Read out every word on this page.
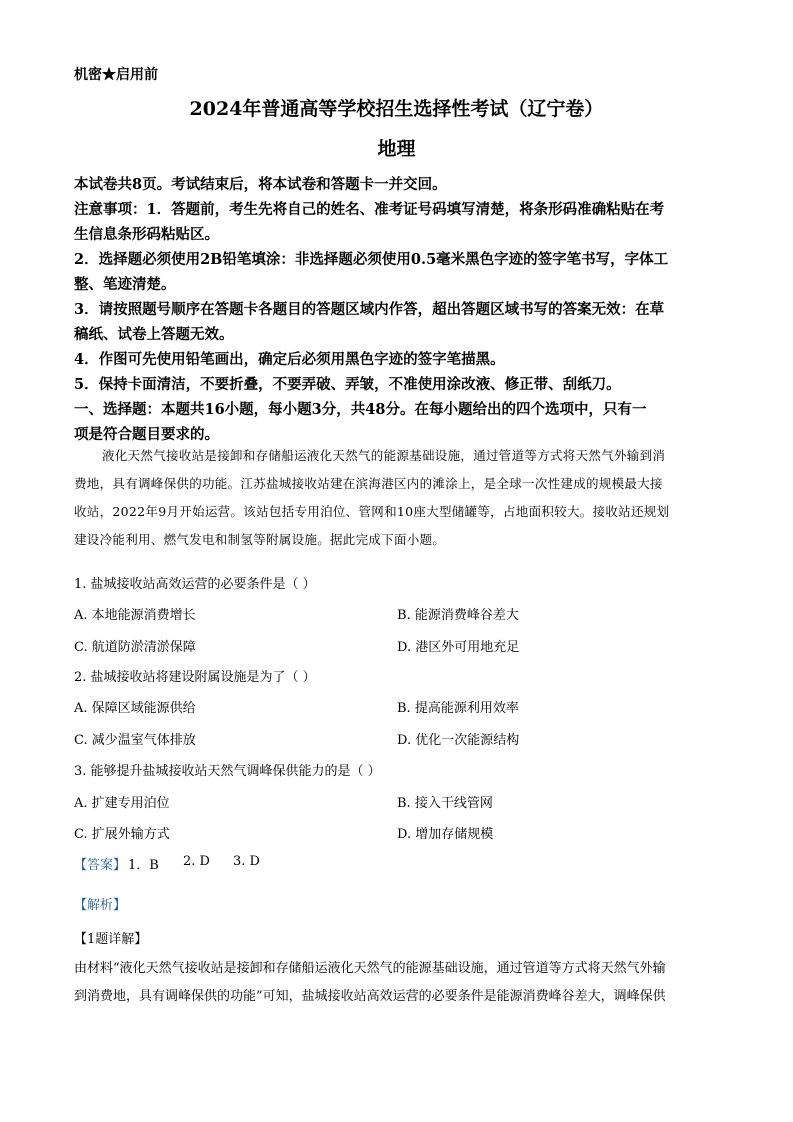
机密★启用前
2024年普通高等学校招生选择性考试（辽宁卷）
地理

本试卷共8页。考试结束后，将本试卷和答题卡一并交回。

注意事项：1．答题前，考生先将自己的姓名、准考证号码填写清楚，将条形码准确粘贴在考

生信息条形码粘贴区。

2．选择题必须使用2B铅笔填涂：非选择题必须使用0.5毫米黑色字迹的签字笔书写，字体工

整、笔迹清楚。

3．请按照题号顺序在答题卡各题目的答题区域内作答，超出答题区域书写的答案无效：在草

稿纸、试卷上答题无效。

4．作图可先使用铅笔画出，确定后必须用黑色字迹的签字笔描黑。

5．保持卡面清洁，不要折叠，不要弄破、弄皱，不准使用涂改液、修正带、刮纸刀。

一、选择题：本题共16小题，每小题3分，共48分。在每小题给出的四个选项中，只有一

项是符合题目要求的。

液化天然气接收站是接卸和存储船运液化天然气的能源基础设施，通过管道等方式将天然气外输到消

费地，具有调峰保供的功能。江苏盐城接收站建在滨海港区内的滩涂上，是全球一次性建成的规模最大接

收站，2022年9月开始运营。该站包括专用泊位、管网和10座大型储罐等，占地面积较大。接收站还规划

建设冷能利用、燃气发电和制氢等附属设施。据此完成下面小题。

1. 盐城接收站高效运营的必要条件是（ ）
A. 本地能源消费增长	B. 能源消费峰谷差大
C. 航道防淤清淤保障	D. 港区外可用地充足
2. 盐城接收站将建设附属设施是为了（ ）
A. 保障区域能源供给	B. 提高能源利用效率
C. 减少温室气体排放	D. 优化一次能源结构
3. 能够提升盐城接收站天然气调峰保供能力的是（ ）
A. 扩建专用泊位	B. 接入干线管网
C. 扩展外输方式	D. 增加存储规模
【答案】 1．B 2. D 3. D
【解析】
【1题详解】

由材料“液化天然气接收站是接卸和存储船运液化天然气的能源基础设施，通过管道等方式将天然气外输

到消费地，具有调峰保供的功能”可知，盐城接收站高效运营的必要条件是能源消费峰谷差大，调峰保供
